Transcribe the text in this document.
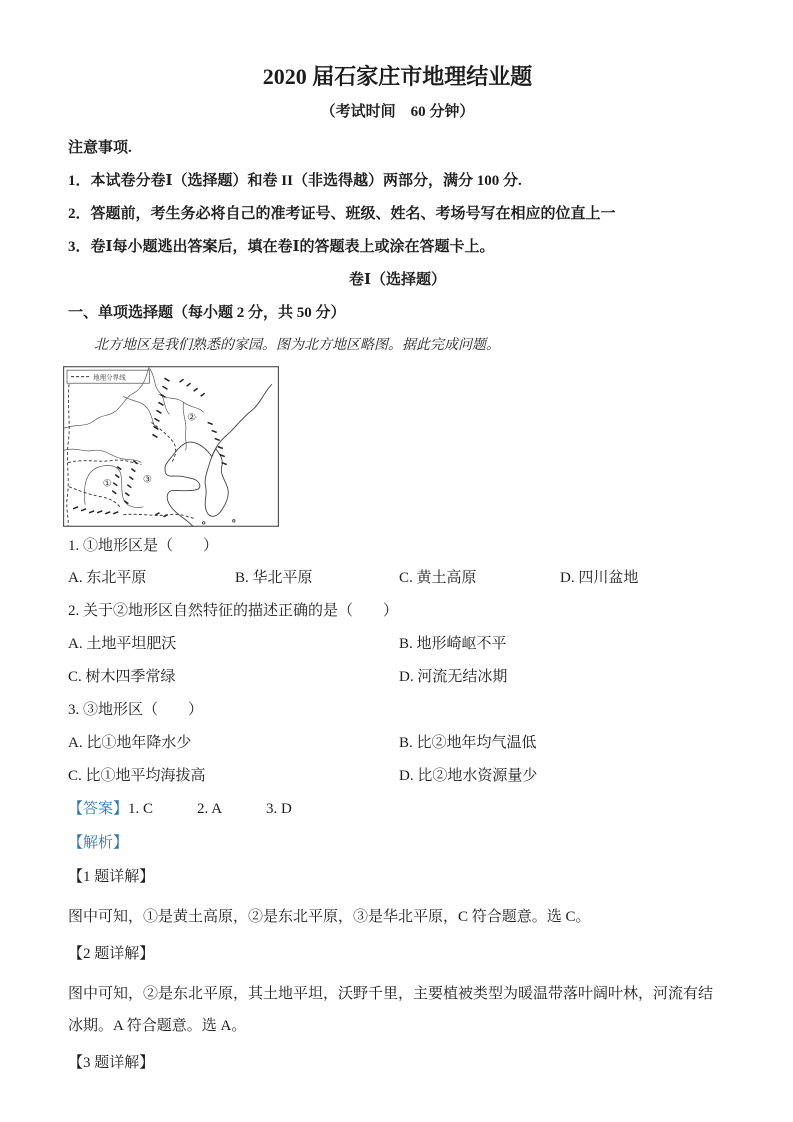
2020 届石家庄市地理结业题
（考试时间　60 分钟）
注意事项.
1．本试卷分卷Ⅰ（选择题）和卷 II（非选得越）两部分，满分 100 分.
2．答题前，考生务必将自己的准考证号、班级、姓名、考场号写在相应的位直上一
3．卷Ⅰ每小题逃出答案后，填在卷Ⅰ的答题表上或涂在答题卡上。
卷Ⅰ（选择题）
一、单项选择题（每小题 2 分，共 50 分）
北方地区是我们熟悉的家园。图为北方地区略图。据此完成问题。
地理分界线
①
②
③
1. ①地形区是（　　）
A. 东北平原	B. 华北平原	C. 黄土高原	D. 四川盆地
2. 关于②地形区自然特征的描述正确的是（　　）
A. 土地平坦肥沃	B. 地形崎岖不平
C. 树木四季常绿	D. 河流无结冰期
3. ③地形区（　　）
A. 比①地年降水少	B. 比②地年均气温低
C. 比①地平均海拔高	D. 比②地水资源量少
【答案】 1. C	2. A	3. D
【解析】
【1 题详解】
图中可知，①是黄土高原，②是东北平原，③是华北平原，C 符合题意。选 C。
【2 题详解】
图中可知，②是东北平原，其土地平坦，沃野千里，主要植被类型为暖温带落叶阔叶林，河流有结冰期。A 符合题意。选 A。
【3 题详解】
